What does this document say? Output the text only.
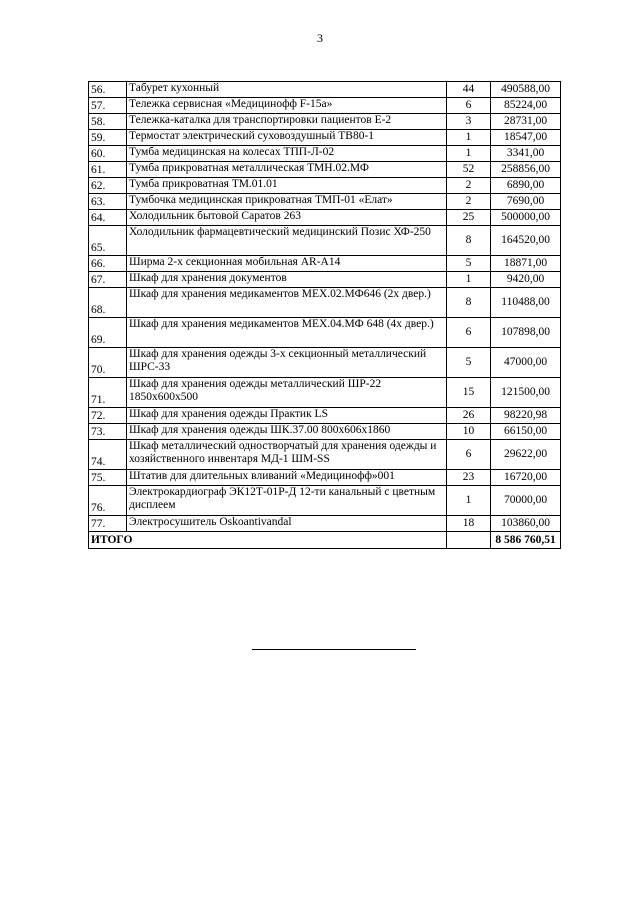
3
56.	Табурет кухонный	44	490588,00
57.	Тележка сервисная «Медицинофф F-15a»	6	85224,00
58.	Тележка-каталка для транспортировки пациентов Е-2	3	28731,00
59.	Термостат электрический суховоздушный ТВ80-1	1	18547,00
60.	Тумба медицинская на колесах ТПП-Л-02	1	3341,00
61.	Тумба прикроватная металлическая ТМН.02.МФ	52	258856,00
62.	Тумба прикроватная ТМ.01.01	2	6890,00
63.	Тумбочка медицинская прикроватная ТМП-01 «Елат»	2	7690,00
64.	Холодильник бытовой Саратов 263	25	500000,00
65.	Холодильник фармацевтический медицинский Позис ХФ-250	8	164520,00
66.	Ширма 2-х секционная мобильная AR-A14	5	18871,00
67.	Шкаф для хранения документов	1	9420,00
68.	Шкаф для хранения медикаментов МЕХ.02.МФ646 (2х двер.)	8	110488,00
69.	Шкаф для хранения медикаментов МЕХ.04.МФ 648 (4х двер.)	6	107898,00
70.	Шкаф для хранения одежды 3-х секционный металлический ШРС-33	5	47000,00
71.	Шкаф для хранения одежды металлический ШР-22 1850х600х500	15	121500,00
72.	Шкаф для хранения одежды Практик LS	26	98220,98
73.	Шкаф для хранения одежды ШК.37.00 800х606х1860	10	66150,00
74.	Шкаф металлический одностворчатый для хранения одежды и хозяйственного инвентаря МД-1 ШМ-SS	6	29622,00
75.	Штатив для длительных вливаний «Медицинофф»001	23	16720,00
76.	Электрокардиограф ЭК12Т-01Р-Д 12-ти канальный с цветным дисплеем	1	70000,00
77.	Электросушитель Oskoantivandal	18	103860,00
ИТОГО			8 586 760,51
